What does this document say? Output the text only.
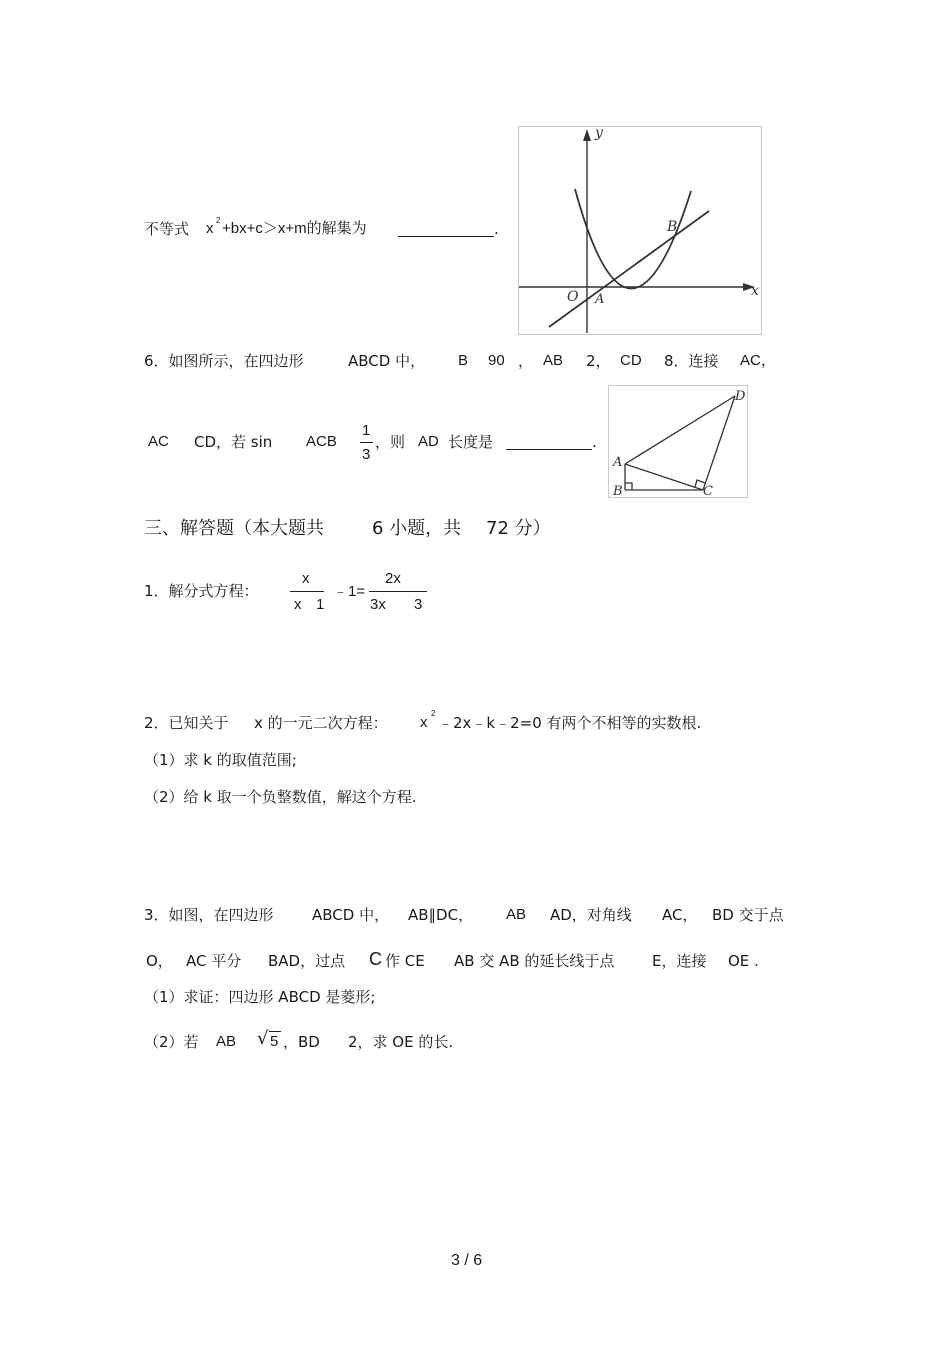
不等式 x 2 +bx+c＞x+m的解集为	.
y
x
O A
B
6．如图所示，在四边形	ABCD 中， B 90 ， AB 2， CD 8．连接 AC，
AC CD，若 sin ACB
1
3
，则 AD 长度是	.
A
B	C
D
三、解答题（本大题共	6 小题，共 72 分）
1．解分式方程：
x
x 1
﹣1=
2x
3x 3
2．已知关于 x 的一元二次方程： x
2
﹣2x﹣k﹣2=0 有两个不相等的实数根.
（1）求 k 的取值范围;
（2）给 k 取一个负整数值，解这个方程.
3．如图，在四边形	ABCD 中， AB∥DC， AB AD，对角线 AC， BD 交于点
O， AC 平分 BAD，过点 C 作 CE AB 交 AB 的延长线于点	E，连接 OE .
（1）求证：四边形 ABCD 是菱形;
（2）若 AB √ 5 ，BD 2，求 OE 的长.
3 / 6
